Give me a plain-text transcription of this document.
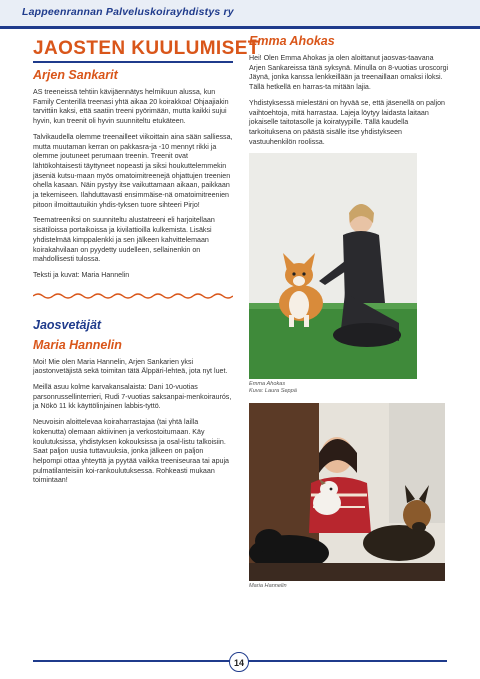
Lappeenrannan Palveluskoirayhdistys ry
JAOSTEN KUULUMISET
Arjen Sankarit

AS treeneissä tehtiin kävijäennätys helmikuun alussa, kun Family Centerillä treenasi yhtä aikaa 20 koirakkoa! Ohjaajiakin tarvittiin kaksi, että saatiin treeni pyörimään, mutta kaikki sujui hyvin, kun treenit oli hyvin suunniteltu etukäteen.

Talvikaudella olemme treenailleet viikoittain aina sään salliessa, mutta muutaman kerran on pakkasra-ja -10 mennyt rikki ja olemme joutuneet perumaan treenin. Treenit ovat lähtökohtaisesti täyttyneet nopeasti ja siksi houkuttelemmekin jäseniä kutsu-maan myös omatoimitreenejä ohjattujen treenien ohella kasaan. Näin pystyy itse vaikuttamaan aikaan, paikkaan ja tekemiseen. Ilahduttavasti ensimmäise-nä omatoimitreenien pitoon ilmoittautuikin yhdis-tyksen tuore sihteeri Pirjo!

Teematreeniksi on suunniteltu alustatreeni eli harjoitellaan sisätiloissa portaikoissa ja kivilattioilla kulkemista. Lisäksi yhdistelmää kimppalenkki ja sen jälkeen kahvittelemaan koirakahvilaan on pyydetty uudelleen, sellainenkin on mahdollisesti tulossa.

Teksti ja kuvat: Maria Hannelin

Jaosvetäjät
Maria Hannelin

Moi! Mie olen Maria Hannelin, Arjen Sankarien yksi jaostonvetäjistä sekä toimitan tätä Älppäri-lehteä, jota nyt luet.

Meillä asuu kolme karvakansalaista: Dani 10-vuotias parsonrussellinterrieri, Rudi 7-vuotias saksanpai-menkoiraurós, ja Nökö 11 kk käyttölinjainen labbis-tyttö.

Neuvoisin aloittelevaa koiraharrastajaa (tai yhtä lailla kokenutta) olemaan aktiivinen ja verkostoitumaan. Käy koulutuksissa, yhdistyksen kokouksissa ja osal-listu talkoisiin. Saat paljon uusia tuttavuuksia, jonka jälkeen on paljon helpompi ottaa yhteyttä ja pyytää vaikka treeniseuraa tai apuja pulmatilanteisiin koi-rankoulutuksessa. Rohkeasti mukaan toimintaan!

Emma Ahokas

Hei! Olen Emma Ahokas ja olen aloittanut jaosvas-taavana Arjen Sankareissa tänä syksynä. Minulla on 8-vuotias uroscorgi Jäynä, jonka kanssa lenkkeillään ja treenaillaan omaksi iloksi. Tällä hetkellä en harras-ta mitään lajia.

Yhdistyksessä mielestäni on hyvää se, että jäsenellä on paljon vaihtoehtoja, mitä harrastaa. Lajeja löytyy laidasta laitaan jokaiselle taitotasolle ja koiratyypille. Tällä kaudella tarkoituksena on päästä sisälle itse yhdistykseen vastuuhenkilön roolissa.

Emma Ahokas
Kuva: Laura Seppä
Maria Hannelin
14
